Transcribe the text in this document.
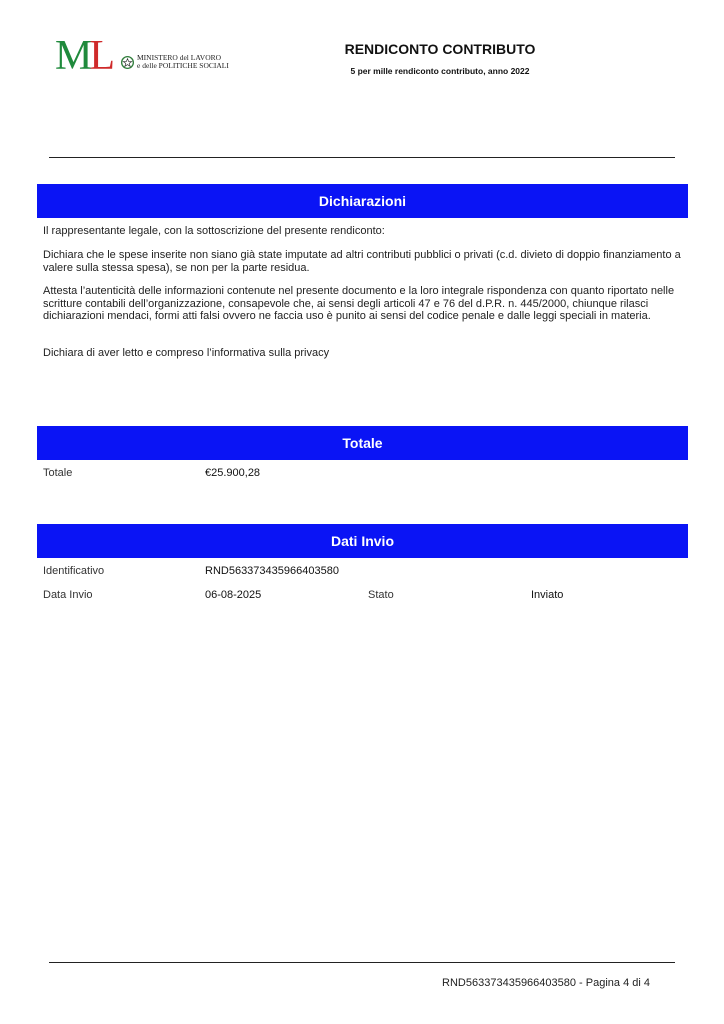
ML	MINISTERO del LAVORO
e delle POLITICHE SOCIALI
RENDICONTO CONTRIBUTO
5 per mille rendiconto contributo, anno 2022
Dichiarazioni
Il rappresentante legale, con la sottoscrizione del presente rendiconto:
Dichiara che le spese inserite non siano già state imputate ad altri contributi pubblici o privati (c.d. divieto di doppio finanziamento a valere sulla stessa spesa), se non per la parte residua.
Attesta l’autenticità delle informazioni contenute nel presente documento e la loro integrale rispondenza con quanto riportato nelle scritture contabili dell’organizzazione, consapevole che, ai sensi degli articoli 47 e 76 del d.P.R. n. 445/2000, chiunque rilasci dichiarazioni mendaci, formi atti falsi ovvero ne faccia uso è punito ai sensi del codice penale e dalle leggi speciali in materia.
Dichiara di aver letto e compreso l’informativa sulla privacy
Totale
Totale	€25.900,28
Dati Invio
Identificativo	RND563373435966403580
Data Invio	06-08-2025	Stato	Inviato
RND563373435966403580 - Pagina 4 di 4
